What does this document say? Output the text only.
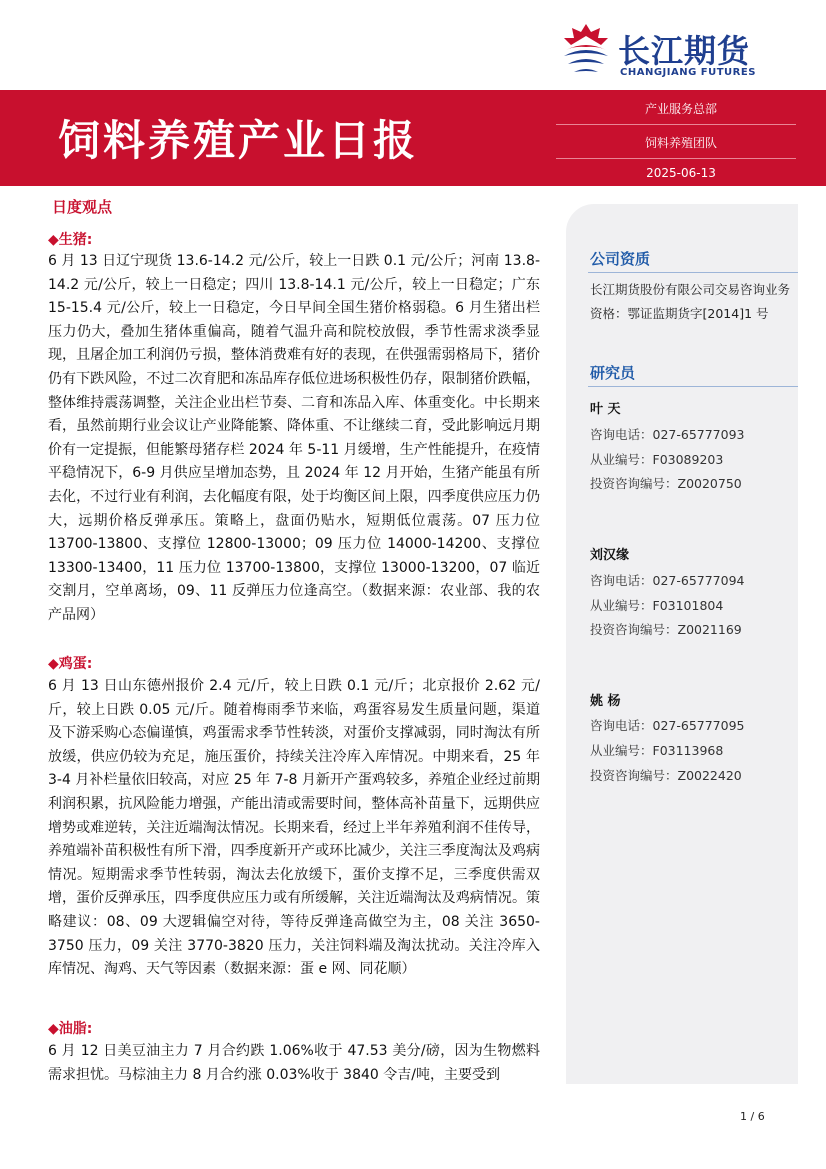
长江期货
CHANGJIANG FUTURES
饲料养殖产业日报
产业服务总部
饲料养殖团队
2025-06-13
日度观点
◆生猪:
6 月 13 日辽宁现货 13.6-14.2 元/公斤，较上一日跌 0.1 元/公斤；河南 13.8-14.2 元/公斤，较上一日稳定；四川 13.8-14.1 元/公斤，较上一日稳定；广东 15-15.4 元/公斤，较上一日稳定，今日早间全国生猪价格弱稳。6 月生猪出栏压力仍大，叠加生猪体重偏高，随着气温升高和院校放假，季节性需求淡季显现，且屠企加工利润仍亏损，整体消费难有好的表现，在供强需弱格局下，猪价仍有下跌风险，不过二次育肥和冻品库存低位进场积极性仍存，限制猪价跌幅，整体维持震荡调整，关注企业出栏节奏、二育和冻品入库、体重变化。中长期来看，虽然前期行业会议让产业降能繁、降体重、不让继续二育，受此影响远月期价有一定提振，但能繁母猪存栏 2024 年 5-11 月缓增，生产性能提升，在疫情平稳情况下，6-9 月供应呈增加态势，且 2024 年 12 月开始，生猪产能虽有所去化，不过行业有利润，去化幅度有限，处于均衡区间上限，四季度供应压力仍大，远期价格反弹承压。策略上，盘面仍贴水，短期低位震荡。07 压力位 13700-13800、支撑位 12800-13000；09 压力位 14000-14200、支撑位 13300-13400，11 压力位 13700-13800，支撑位 13000-13200，07 临近交割月，空单离场，09、11 反弹压力位逢高空。（数据来源：农业部、我的农产品网）
◆鸡蛋:
6 月 13 日山东德州报价 2.4 元/斤，较上日跌 0.1 元/斤；北京报价 2.62 元/斤，较上日跌 0.05 元/斤。随着梅雨季节来临，鸡蛋容易发生质量问题，渠道及下游采购心态偏谨慎，鸡蛋需求季节性转淡，对蛋价支撑减弱，同时淘汰有所放缓，供应仍较为充足，施压蛋价，持续关注冷库入库情况。中期来看，25 年 3-4 月补栏量依旧较高，对应 25 年 7-8 月新开产蛋鸡较多，养殖企业经过前期利润积累，抗风险能力增强，产能出清或需要时间，整体高补苗量下，远期供应增势或难逆转，关注近端淘汰情况。长期来看，经过上半年养殖利润不佳传导，养殖端补苗积极性有所下滑，四季度新开产或环比减少，关注三季度淘汰及鸡病情况。短期需求季节性转弱，淘汰去化放缓下，蛋价支撑不足，三季度供需双增，蛋价反弹承压，四季度供应压力或有所缓解，关注近端淘汰及鸡病情况。策略建议：08、09 大逻辑偏空对待，等待反弹逢高做空为主，08 关注 3650-3750 压力，09 关注 3770-3820 压力，关注饲料端及淘汰扰动。关注冷库入库情况、淘鸡、天气等因素（数据来源：蛋 e 网、同花顺）
◆油脂:
6 月 12 日美豆油主力 7 月合约跌 1.06%收于 47.53 美分/磅，因为生物燃料需求担忧。马棕油主力 8 月合约涨 0.03%收于 3840 令吉/吨，主要受到
公司资质
长江期货股份有限公司交易咨询业务资格：鄂证监期货字[2014]1 号
研究员
叶 天
咨询电话：027-65777093
从业编号：F03089203
投资咨询编号：Z0020750
刘汉缘
咨询电话：027-65777094
从业编号：F03101804
投资咨询编号：Z0021169
姚 杨
咨询电话：027-65777095
从业编号：F03113968
投资咨询编号：Z0022420
1 / 6
